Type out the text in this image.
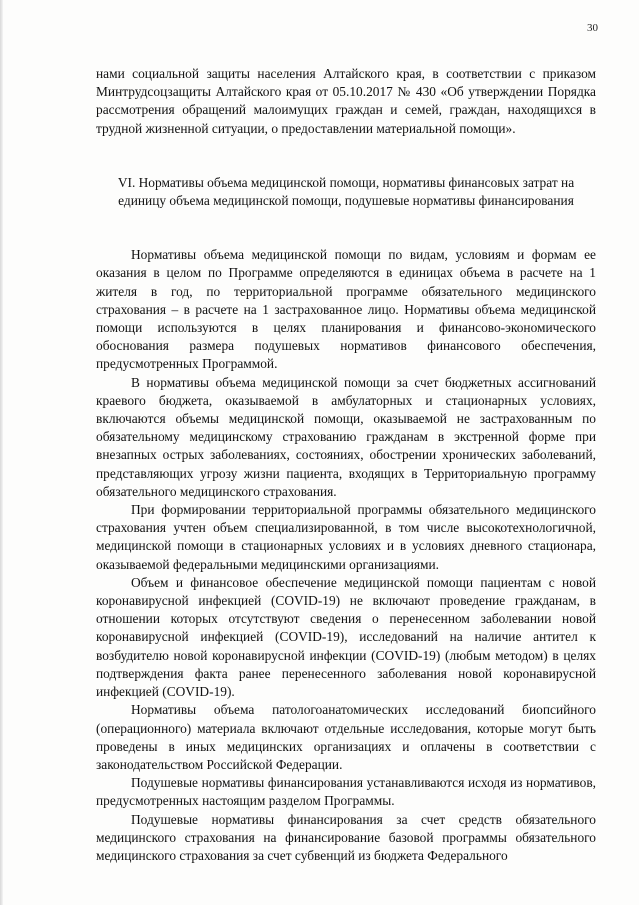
30

нами социальной защиты населения Алтайского края, в соответствии с приказом Минтрудсоцзащиты Алтайского края от 05.10.2017 № 430 «Об утверждении Порядка рассмотрения обращений малоимущих граждан и семей, граждан, находящихся в трудной жизненной ситуации, о предоставлении материальной помощи».

VI. Нормативы объема медицинской помощи, нормативы финансовых затрат на единицу объема медицинской помощи, подушевые нормативы финансирования

Нормативы объема медицинской помощи по видам, условиям и формам ее оказания в целом по Программе определяются в единицах объема в расчете на 1 жителя в год, по территориальной программе обязательного медицинского страхования – в расчете на 1 застрахованное лицо. Нормативы объема медицинской помощи используются в целях планирования и финансово-экономического обоснования размера подушевых нормативов финансового обеспечения, предусмотренных Программой.

В нормативы объема медицинской помощи за счет бюджетных ассигнований краевого бюджета, оказываемой в амбулаторных и стационарных условиях, включаются объемы медицинской помощи, оказываемой не застрахованным по обязательному медицинскому страхованию гражданам в экстренной форме при внезапных острых заболеваниях, состояниях, обострении хронических заболеваний, представляющих угрозу жизни пациента, входящих в Территориальную программу обязательного медицинского страхования.

При формировании территориальной программы обязательного медицинского страхования учтен объем специализированной, в том числе высокотехнологичной, медицинской помощи в стационарных условиях и в условиях дневного стационара, оказываемой федеральными медицинскими организациями.

Объем и финансовое обеспечение медицинской помощи пациентам с новой коронавирусной инфекцией (COVID-19) не включают проведение гражданам, в отношении которых отсутствуют сведения о перенесенном заболевании новой коронавирусной инфекцией (COVID-19), исследований на наличие антител к возбудителю новой коронавирусной инфекции (COVID-19) (любым методом) в целях подтверждения факта ранее перенесенного заболевания новой коронавирусной инфекцией (COVID-19).

Нормативы объема патологоанатомических исследований биопсийного (операционного) материала включают отдельные исследования, которые могут быть проведены в иных медицинских организациях и оплачены в соответствии с законодательством Российской Федерации.

Подушевые нормативы финансирования устанавливаются исходя из нормативов, предусмотренных настоящим разделом Программы.

Подушевые нормативы финансирования за счет средств обязательного медицинского страхования на финансирование базовой программы обязательного медицинского страхования за счет субвенций из бюджета Федерального
